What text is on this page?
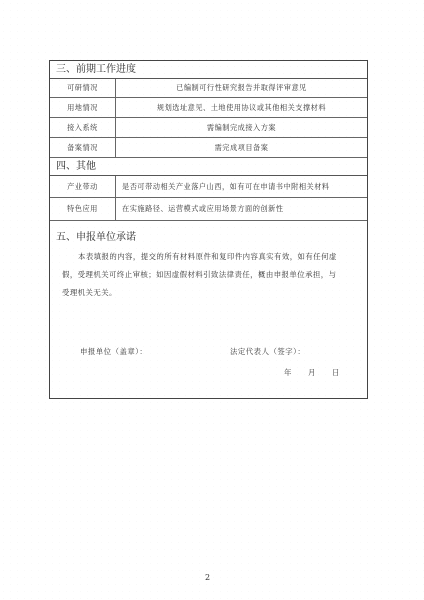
三、前期工作进度
可研情况	已编制可行性研究报告并取得评审意见
用地情况	规划选址意见、土地使用协议或其他相关支撑材料
接入系统	需编制完成接入方案
备案情况	需完成项目备案
四、其他
产业带动	是否可带动相关产业落户山西，如有可在申请书中附相关材料
特色应用	在实施路径、运营模式或应用场景方面的创新性
五、申报单位承诺

本表填报的内容，提交的所有材料原件和复印件内容真实有效，如有任何虚

假，受理机关可终止审核；如因虚假材料引致法律责任，概由申报单位承担，与

受理机关无关。

申报单位（盖章）：	法定代表人（签字）：
年 月 日
2
